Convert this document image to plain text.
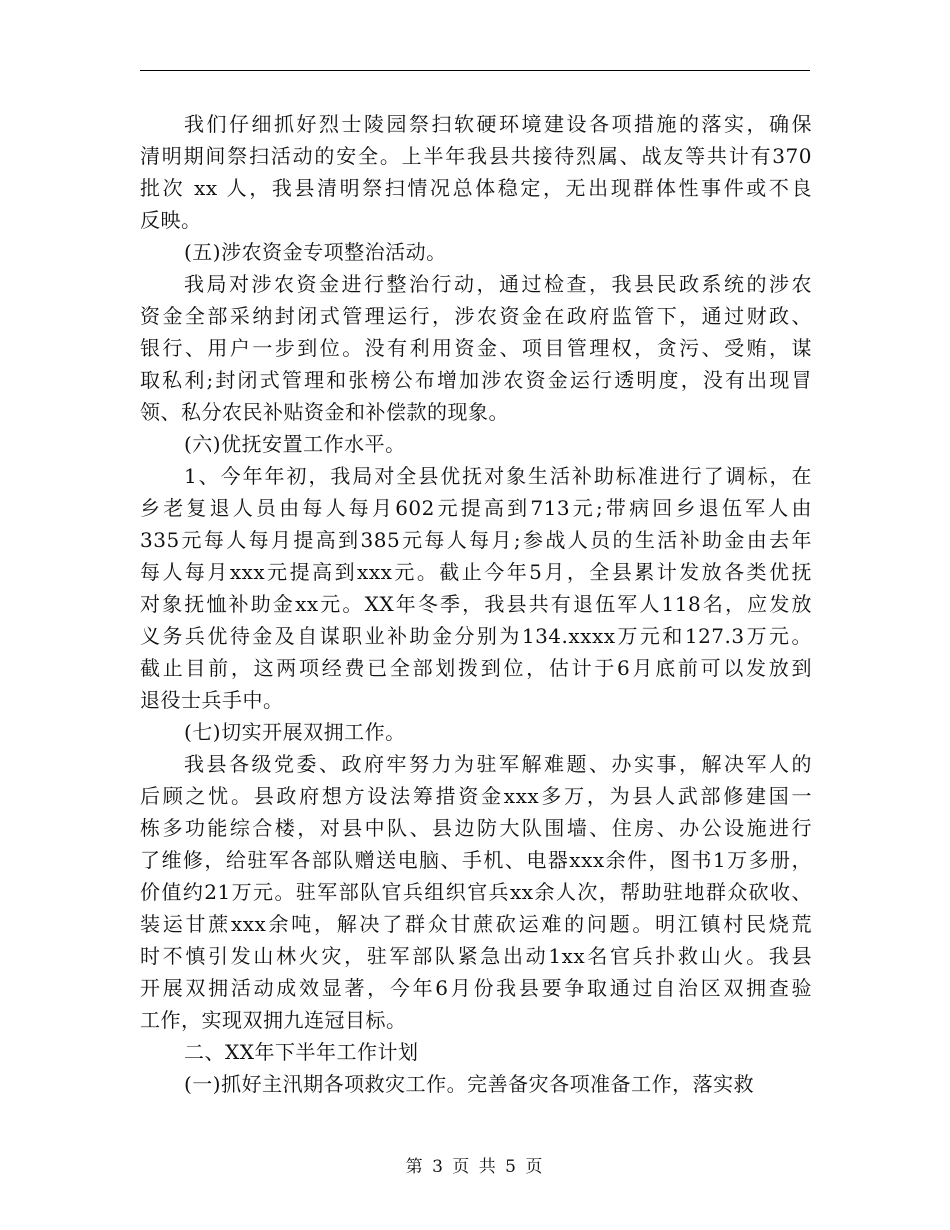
我们仔细抓好烈士陵园祭扫软硬环境建设各项措施的落实，确保
清明期间祭扫活动的安全。上半年我县共接待烈属、战友等共计有370
批次 xx 人，我县清明祭扫情况总体稳定，无出现群体性事件或不良
反映。
(五)涉农资金专项整治活动。
我局对涉农资金进行整治行动，通过检查，我县民政系统的涉农
资金全部采纳封闭式管理运行，涉农资金在政府监管下，通过财政、
银行、用户一步到位。没有利用资金、项目管理权，贪污、受贿，谋
取私利;封闭式管理和张榜公布增加涉农资金运行透明度，没有出现冒
领、私分农民补贴资金和补偿款的现象。
(六)优抚安置工作水平。
1、今年年初，我局对全县优抚对象生活补助标准进行了调标，在
乡老复退人员由每人每月602元提高到713元;带病回乡退伍军人由
335元每人每月提高到385元每人每月;参战人员的生活补助金由去年
每人每月xxx元提高到xxx元。截止今年5月，全县累计发放各类优抚
对象抚恤补助金xx元。XX年冬季，我县共有退伍军人118名，应发放
义务兵优待金及自谋职业补助金分别为134.xxxx万元和127.3万元。
截止目前，这两项经费已全部划拨到位，估计于6月底前可以发放到
退役士兵手中。
(七)切实开展双拥工作。
我县各级党委、政府牢努力为驻军解难题、办实事，解决军人的
后顾之忧。县政府想方设法筹措资金xxx多万，为县人武部修建国一
栋多功能综合楼，对县中队、县边防大队围墙、住房、办公设施进行
了维修，给驻军各部队赠送电脑、手机、电器xxx余件，图书1万多册，
价值约21万元。驻军部队官兵组织官兵xx余人次，帮助驻地群众砍收、
装运甘蔗xxx余吨，解决了群众甘蔗砍运难的问题。明江镇村民烧荒
时不慎引发山林火灾，驻军部队紧急出动1xx名官兵扑救山火。我县
开展双拥活动成效显著，今年6月份我县要争取通过自治区双拥查验
工作，实现双拥九连冠目标。
二、XX年下半年工作计划
(一)抓好主汛期各项救灾工作。完善备灾各项准备工作，落实救
第 3 页 共 5 页
